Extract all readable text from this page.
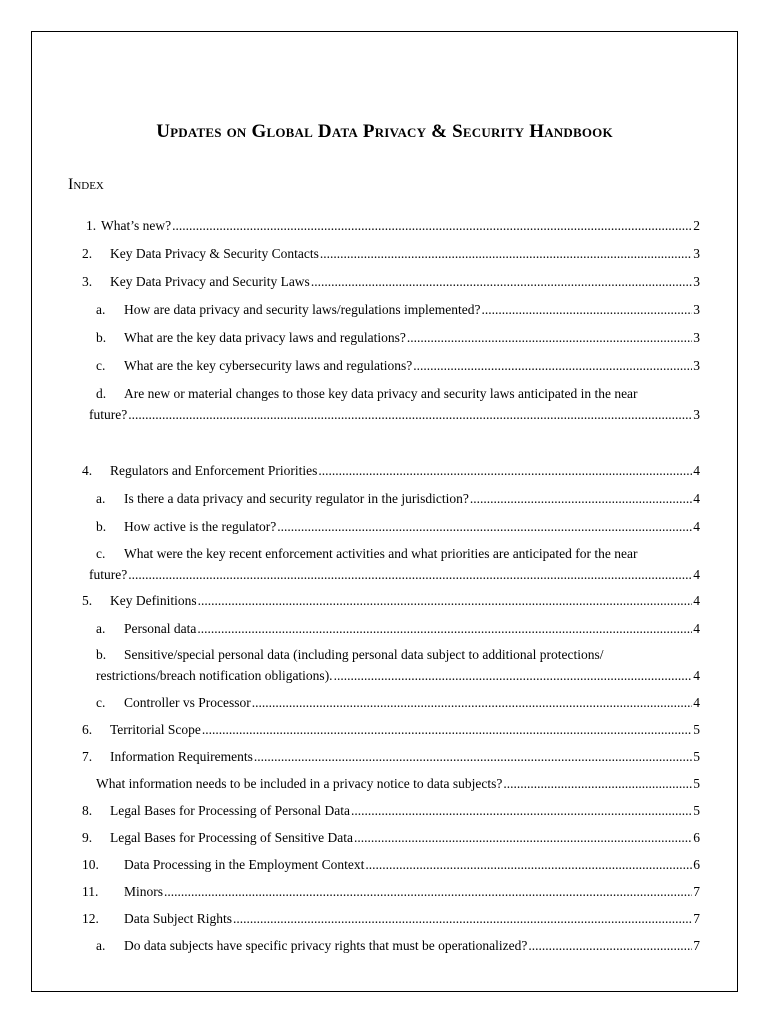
Updates on Global Data Privacy & Security Handbook
Index
1. What’s new? .....	2
2.	Key Data Privacy & Security Contacts .....	3
3.	Key Data Privacy and Security Laws .....	3
a.	How are data privacy and security laws/regulations implemented? .....	3
b.	What are the key data privacy laws and regulations? .....	3
c.	What are the key cybersecurity laws and regulations? .....	3
d. Are new or material changes to those key data privacy and security laws anticipated in the near
future? .....	3
4.	Regulators and Enforcement Priorities .....	4
a.	Is there a data privacy and security regulator in the jurisdiction? .....	4
b.	How active is the regulator? .....	4
c. What were the key recent enforcement activities and what priorities are anticipated for the near
future? .....	4
5.	Key Definitions .....	4
a.	Personal data .....	4
b. Sensitive/special personal data (including personal data subject to additional protections/
restrictions/breach notification obligations). .....	4
c.	Controller vs Processor .....	4
6.	Territorial Scope .....	5
7.	Information Requirements .....	5
What information needs to be included in a privacy notice to data subjects? .....	5
8.	Legal Bases for Processing of Personal Data .....	5
9.	Legal Bases for Processing of Sensitive Data .....	6
10.	Data Processing in the Employment Context .....	6
11.	Minors .....	7
12.	Data Subject Rights .....	7
a.	Do data subjects have specific privacy rights that must be operationalized? .....	7
